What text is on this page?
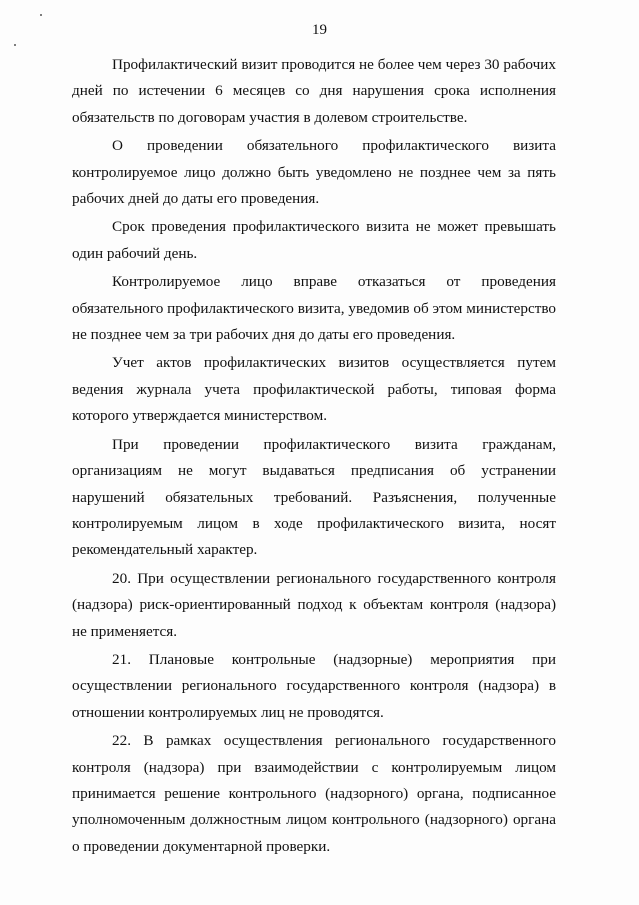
19

Профилактический визит проводится не более чем через 30 рабочих дней по истечении 6 месяцев со дня нарушения срока исполнения обязательств по договорам участия в долевом строительстве.

О проведении обязательного профилактического визита контролируемое лицо должно быть уведомлено не позднее чем за пять рабочих дней до даты его проведения.

Срок проведения профилактического визита не может превышать один рабочий день.

Контролируемое лицо вправе отказаться от проведения обязательного профилактического визита, уведомив об этом министерство не позднее чем за три рабочих дня до даты его проведения.

Учет актов профилактических визитов осуществляется путем ведения журнала учета профилактической работы, типовая форма которого утверждается министерством.

При проведении профилактического визита гражданам, организациям не могут выдаваться предписания об устранении нарушений обязательных требований. Разъяснения, полученные контролируемым лицом в ходе профилактического визита, носят рекомендательный характер.

20. При осуществлении регионального государственного контроля (надзора) риск-ориентированный подход к объектам контроля (надзора) не применяется.

21. Плановые контрольные (надзорные) мероприятия при осуществлении регионального государственного контроля (надзора) в отношении контролируемых лиц не проводятся.

22. В рамках осуществления регионального государственного контроля (надзора) при взаимодействии с контролируемым лицом принимается решение контрольного (надзорного) органа, подписанное уполномоченным должностным лицом контрольного (надзорного) органа о проведении документарной проверки.
